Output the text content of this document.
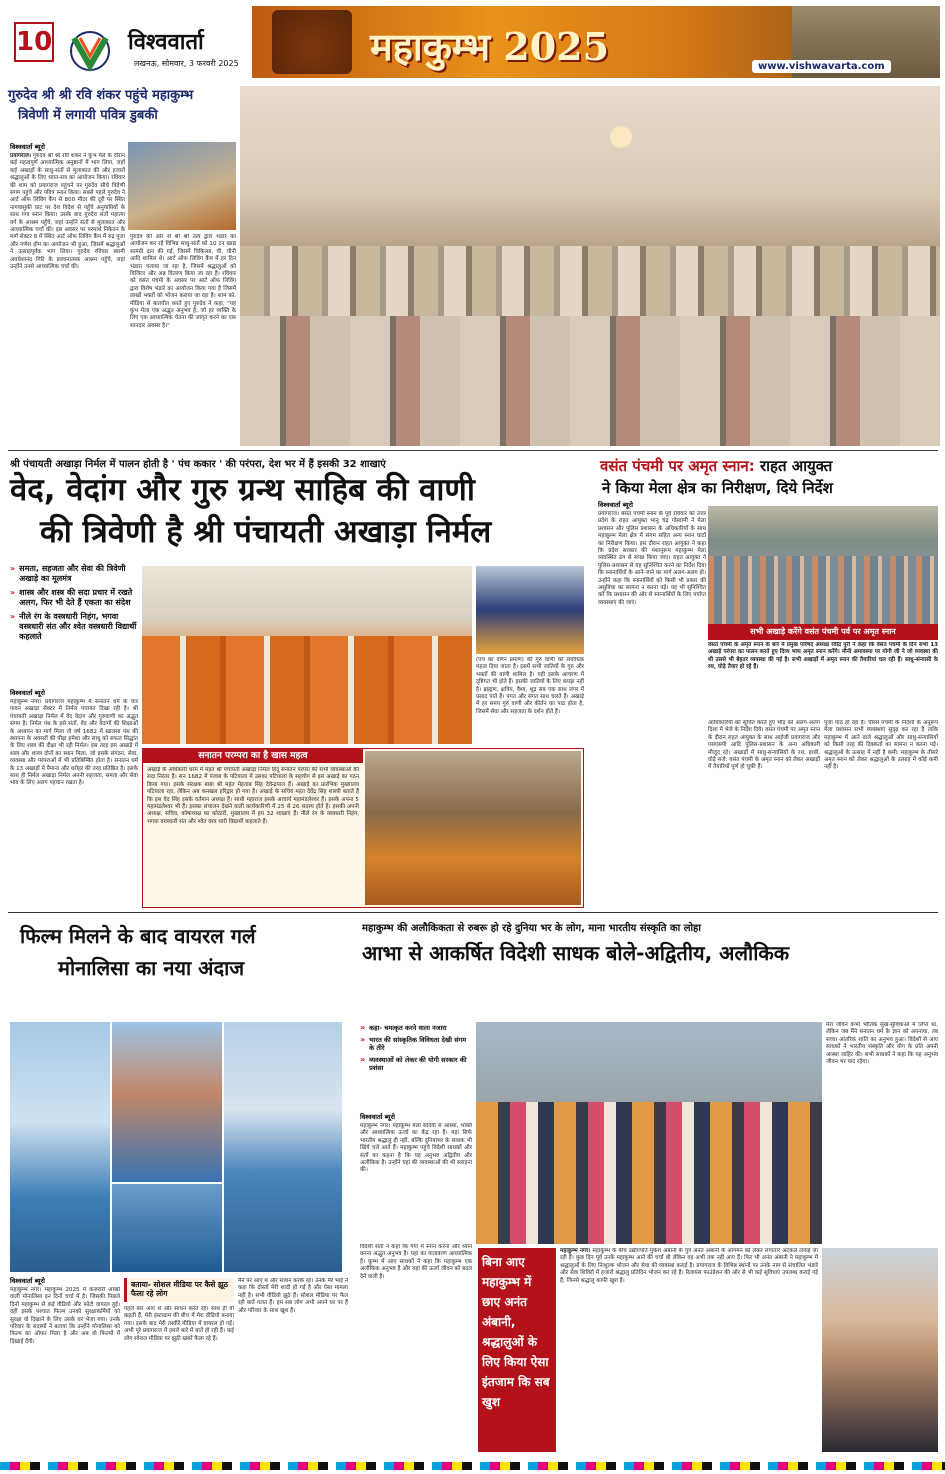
10	विश्ववार्ता
लखनऊ, सोमवार, 3 फरवरी 2025	महाकुम्भ 2025	www.vishwavarta.com
गुरुदेव श्री श्री रवि शंकर पहुंचे महाकुम्भ
त्रिवेणी में लगायी पवित्र डुबकी
विश्ववार्ता ब्यूरो
प्रयागराज। गुरुदेव श्री श्री रवि शंकर ने कुंभ मेले के दौरान कई महत्वपूर्ण आध्यात्मिक अनुष्ठानों में भाग लिया, जहाँ कई अखाड़ों के साधु-संतों से मुलाकात की और हजारों श्रद्धालुओं के लिए ध्यान-सत्र का आयोजन किया। रविवार की शाम को प्रयागराज पहुंचने पर गुरुदेव सीधे त्रिवेणी संगम पहुंचे और पवित्र स्नान किया। सबसे पहले गुरुदेव ने आर्ट ऑफ लिविंग कैंप से 800 मीटर की दूरी पर स्थित नागवासुकी घाट पर देश विदेश से पहुँचे अनुयायियों के साथ गंगा स्नान किया। उसके बाद गुरुदेव संतों महात्मा वर्ग के आश्रम पहुँचे, जहां उन्होंने संतों से मुलाकात और आध्यात्मिक चर्चा की। इस अवसर पर परमार्थ निकेतन के मार्ग सेक्टर 8 में स्थित आर्ट ऑफ लिविंग कैंप में रुद्र पूजा और गणेश होम का आयोजन भी हुआ, जिसमें श्रद्धालुओं ने उत्साहपूर्वक भाग लिया। गुरुदेव रविवार स्वामी अवधेशानंद गिरि के प्रवचनात्मक आश्रम पहुँचे, जहां उन्होंने उनसे आध्यात्मिक चर्चा की।
गुरुदेव की ओर से श्री श्री तत्व द्वारा भंडारे का आयोजन कर रहे विभिन्न साधु-संतों को 10 टन खाद्य सामग्री दान की गई, जिसमें चिकित्सा, घी, चीनी आदि शामिल थे। आर्ट ऑफ लिविंग कैंप में हर दिन भंडारा चलाया जा रहा है, जिसमें श्रद्धालुओं को विजिटर और अन्न वितरण किया जा रहा है। रविवार को वसंत पंचमी के अवसर पर आर्ट ऑफ लिविंग द्वारा विशेष भंडारे का आयोजन किया गया है जिसमें लाखों भक्तों को भोजन कराया जा रहा है। शाम को, मीडिया से बातचीत करते हुए गुरुदेव ने कहा, "यह कुंभ मेला एक अद्भुत अनुभव है, जो हर व्यक्ति के लिए एक आध्यात्मिक चेतना की जागृत करने का एक शानदार अवसर है।"
श्री पंचायती अखाड़ा निर्मल में पालन होती है ' पंच ककार ' की परंपरा, देश भर में हैं इसकी 32 शाखाएं
वेद, वेदांग और गुरु ग्रन्थ साहिब की वाणी
की त्रिवेणी है श्री पंचायती अखाड़ा निर्मल
» समता, सहजता और सेवा की त्रिवेणी अखाड़े का मूलमंत्र
» शास्त्र और शस्त्र की सदा प्रचार में रखते अलग, फिर भी देते हैं एकता का संदेश
» नीले रंग के वस्त्रधारी निहंग, भगवा वस्त्रधारी संत और श्वेत वस्त्रधारी विद्यार्थी कहलाते
(पंच का वर्णन प्रमाण) की गुरु वाणी को सर्वाधिक महत्व दिया जाता है। इसमें सभी जातियों के गुरु और भक्तों की वाणी शामिल है। यही इसके आचरण में दृष्टिगत भी होते हैं। इसकी जातियों के लिए कपड़ा नहीं है। ब्राह्मण, क्षत्रिय, वैश्य, शूद्र सब एक साथ लंगर में प्रसाद पाते हैं। पंगत और संगत साथ चलते हैं। अखाड़े में हर समय गुरु वाणी और कीर्तन का पाठ होता है, जिसमें सेवा और सहजता के दर्शन होते हैं।
विश्ववार्ता ब्यूरो
महाकुम्भ नगर। प्रयागराज महाकुम्भ में सनातन धर्म के चार पावन अखाड़ा सेक्टर में निर्मल पंचायत दिखा रही है। श्री पंचायती अखाड़ा निर्मल में वेद वेदांग और गुरुवाणी का अद्भुत संगम है। निर्मल पंथ के इसे संतों, वेद और वेदांगों की शिक्षाओं के अध्ययन का मार्ग मिला तो वर्ष 1682 में खालसा पंथ की स्थापना के अवसरों की पीढ़ा हमेशा और साधु को सफल सिद्धांत के लिए शस्त्र की दीक्षा भी रही निर्मल। इस तरह इस अखाड़े में शस्त्र और शास्त्र दोनों का स्थान मिला, जो इसके संगठन, सेवा, व्यवस्था और परंपराओं में भी प्रतिबिम्बित होता है। सनातन धर्म के 13 अखाड़ों में पैमाना और धरोहर की तरह प्रतिष्ठित है। इसके साथ ही निर्मल अखाड़ा निर्मल अपनी सहजता, समता और सेवा भाव के लिए अलग पहचान रखता है।
सनातन परम्परा का है खास महत्व
अखाड़े के अधिकारी धरम में महंत श्री पंचायती अखाड़ा निर्मल हिंदू सनातन परंपरा की सभी व्यवस्थाओं की सदा निरंतर है। सन 1682 में पंजाब के पटियाला में उसका पटियाला के सहयोग से इस अखाड़े का गठन किया गया। इसके संरक्षक बाबा श्री महंत मेहताब सिंह देवेन्द्रपाल हैं। अखाड़े का प्रारंभिक मुख्यालय पटियाला रहा, लेकिन अब कनखल हरिद्वार हो गया है। अखाड़े के सचिव महंत देवेंद्र सिंह शास्त्री बताते हैं कि इस वेद सिंह इसके वर्तमान अध्यक्ष हैं। साथी महाराज इसके आचार्य महामंडलेश्वर हैं। इसके अपना 5 महामंडलेश्वर भी हैं। इसका संचालन देखने वाली कार्यकारिणी में 25 से 26 सदस्य होते हैं। इसकी अपनी अध्यक्ष, सचिव, कोषाध्यक्ष का कोठारी, मुख्यालय में हम 32 शाखाएं हैं। नीले रंग के वस्त्रधारी निहंग, भगवा वस्त्रधारी संत और श्वेत वस्त्र धारी विद्यार्थी कहलाते हैं।
वसंत पंचमी पर अमृत स्नान: राहत आयुक्त
ने किया मेला क्षेत्र का निरीक्षण, दिये निर्देश
विश्ववार्ता ब्यूरो
प्रयागराज। बसंत पंचमी स्नान के पूर्व रविवार को उत्तर प्रदेश के राहत आयुक्त भानु चंद्र गोस्वामी ने मेला प्रशासन और पुलिस प्रशासन के अधिकारियों के साथ महाकुम्भ मेला क्षेत्र में संगम सहित अन्य स्नान घाटों का निरीक्षण किया। इस दौरान राहत आयुक्त ने कहा कि प्रदेश सरकार की मंशानुरूप महाकुम्भ मेला व्यवस्थित ढंग से संपन्न किया जाए। राहत आयुक्त ने पुलिस-प्रशासन से यह सुनिश्चित करने का निर्देश दिया कि स्नानार्थियों के आने-जाने का मार्ग अलग-अलग हो। उन्होंने कहा कि स्नानार्थियों को किसी भी प्रकार की असुविधा का सामना न करना पड़े। यह भी सुनिश्चित करें कि प्रशासन की ओर से स्नानार्थियों के लिए पर्याप्त व्यवस्थाएं की जाएं।
सभी अखाड़े करेंगे वसंत पंचमी पर्व पर अमृत स्नान
वसंत पंचमी के अमृत स्नान के बारे में प्रमुख परिषद अध्यक्ष रवींद्र पुरी ने कहा कि वसंत पंचमी के दिन सभी 13 अखाड़े परंपरा का पालन करते हुए दिव्य भव्य अमृत स्नान करेंगे। मौनी अमावस्या पर योगी जी ने जो व्यवस्था की थी उससे भी बेहतर व्यवस्था की गई है। सभी अखाड़ों में अमृत स्नान की तैयारियां चल रही हैं। साधु-संन्यासी के रथ, घोड़े तैयार हो रहे हैं।
आधिकारियों को सूचित करते हुए भीड़ को अलग-अलग दिशा में भेजे के निर्देश दिये। वसंत पंचमी पर अमृत स्नान के दौरान राहत आयुक्त के साथ आईजी प्रयागराज और एसएसपी आदि पुलिस-प्रशासन के अन्य अधिकारी मौजूद रहे। अखाड़ों में साधु-संन्यासियों के रथ, हाथी, घोड़े सजे: वसंत पंचमी के अमृत स्नान को लेकर अखाड़ों में तैयारियाँ पूर्ण हो चुकी हैं।
पूजा पाठ हो रहा है। चौरस पंचमी के निर्देशों के अनुरूप मेला प्रशासन सभी व्यवस्थाएं सुदृढ़ कर रहा है ताकि महाकुम्भ में आने वाले श्रद्धालुओं और साधु-संन्यासियों को किसी तरह की दिक्कतों का सामना न करना पड़े। श्रद्धालुओं के उत्साह में नहीं है कमी: महाकुम्भ के तीसरे अमृत स्नान को लेकर श्रद्धालुओं के उत्साह में कोई कमी नहीं है।
फिल्म मिलने के बाद वायरल गर्ल
मोनालिसा का नया अंदाज
विश्ववार्ता ब्यूरो
महाकुम्भ नगर। महाकुम्भ 2025 में कजरारी आंखों वाली मोनालिसा इन दिनों चर्चा में है। जिसकी पिछले दिनों महाकुम्भ से कई वीडियो और फोटो वायरल हुई। वहीं इसके पश्चात फिल्म उनको सुरक्षाकर्मियों को सुरक्षा वो दिखाने के लिए उसके घर भेजा गया। उनके परिवार के सदस्यों ने बताया कि उन्होंने मोनालिसा को फिल्म का ऑफर मिला है और अब वो फिल्मों में दिखाई देंगी।
बताया- सोशल मीडिया पर कैसे झूठ फैला रहे लोग
पहले बार आए थे और साधन करते रहे। साथ ही वो कहती हैं, मेरी इंस्टाग्राम की बीच में मेरा वीडियो बनाया गया। इसके बाद मेरी तस्वीरें मीडिया में वायरल हो गईं। अभी पूरे प्रयागराज में हमारे बारे में बातें हो रही हैं। कई लोग सोशल मीडिया पर झूठी खबरें फैला रहे हैं।
मैंने पर आए थे और साधन करके रहे। उनके मेरे भाई ने कहा कि दोस्तों मेरी शादी हो गई है और ऐसा मामला नहीं है। सभी वीडियो झूठे हैं। सोशल मीडिया पर फैल रही बातें गलत हैं। हम सब लोग अभी अपने घर पर हैं और परिवार के साथ खुश हैं।
महाकुम्भ की अलौकिकता से रुबरू हो रहे दुनिया भर के लोग, माना भारतीय संस्कृति का लोहा
आभा से आकर्षित विदेशी साधक बोले-अद्वितीय, अलौकिक
» कहा- चमत्कृत करने वाला नजारा
» भारत की सांस्कृतिक विविधता देखी संगम के तीरे
» व्यवस्थाओं को लेकर की योगी सरकार की प्रशंसा
विश्ववार्ता ब्यूरो
महाकुम्भ नगर। महाकुम्भ मेला सदियों से आस्था, भक्ति और आध्यात्मिक ऊर्जा का केंद्र रहा है। यहां सिर्फ भारतीय श्रद्धालु ही नहीं, बल्कि दुनियाभर के साधक भी खिंचे चले आते हैं। महाकुम्भ पहुंचे विदेशी साधकों और संतों का कहना है कि यह अनुभव अद्वितीय और अलौकिक है। उन्होंने यहां की व्यवस्थाओं की भी सराहना की।
मेरा जीवन कभी भौतिक सुख-सुविधाओं में लिप्त था, लेकिन जब मैंने सनातन धर्म के ज्ञान को अपनाया, तब सच्चा आंतरिक शांति का अनुभव हुआ। विदेशों से आए साधकों ने भारतीय संस्कृति और योग के प्रति अपनी आस्था जाहिर की। सभी साधकों ने कहा कि यह अनुभव जीवन भर याद रहेगा।
विदेशी संतों ने कहा कि गंगा में स्नान करना और ध्यान करना अद्भुत अनुभव है। यहां का वातावरण आध्यात्मिक है। कुम्भ में आए साधकों ने कहा कि महाकुम्भ एक अलौकिक अनुभव है और यहां की ऊर्जा जीवन को बदल देने वाली है।
बिना आए महाकुम्भ में छाए अनंत अंबानी, श्रद्धालुओं के लिए किया ऐसा इंतजाम कि सब खुश
महाकुम्भ नगर। महाकुम्भ के बीच उद्योगपति मुकेश अंबानी के पुत्र अनंत अंबानी के आगमन को लेकर लगातार अटकलें लगाई जा रही हैं। कुछ दिन पूर्व उनके महाकुम्भ आने की चर्चा थी लेकिन वह अभी तक नहीं आए हैं। फिर भी अनंत अंबानी ने महाकुम्भ में श्रद्धालुओं के लिए निःशुल्क भोजन और सेवा की व्यवस्था कराई है। प्रयागराज के विभिन्न स्थानों पर उनके नाम से संचालित भंडारे और सेवा शिविरों में हजारों श्रद्धालु प्रतिदिन भोजन कर रहे हैं। रिलायंस फाउंडेशन की ओर से भी कई सुविधाएं उपलब्ध कराई गई हैं, जिनसे श्रद्धालु काफी खुश हैं।
